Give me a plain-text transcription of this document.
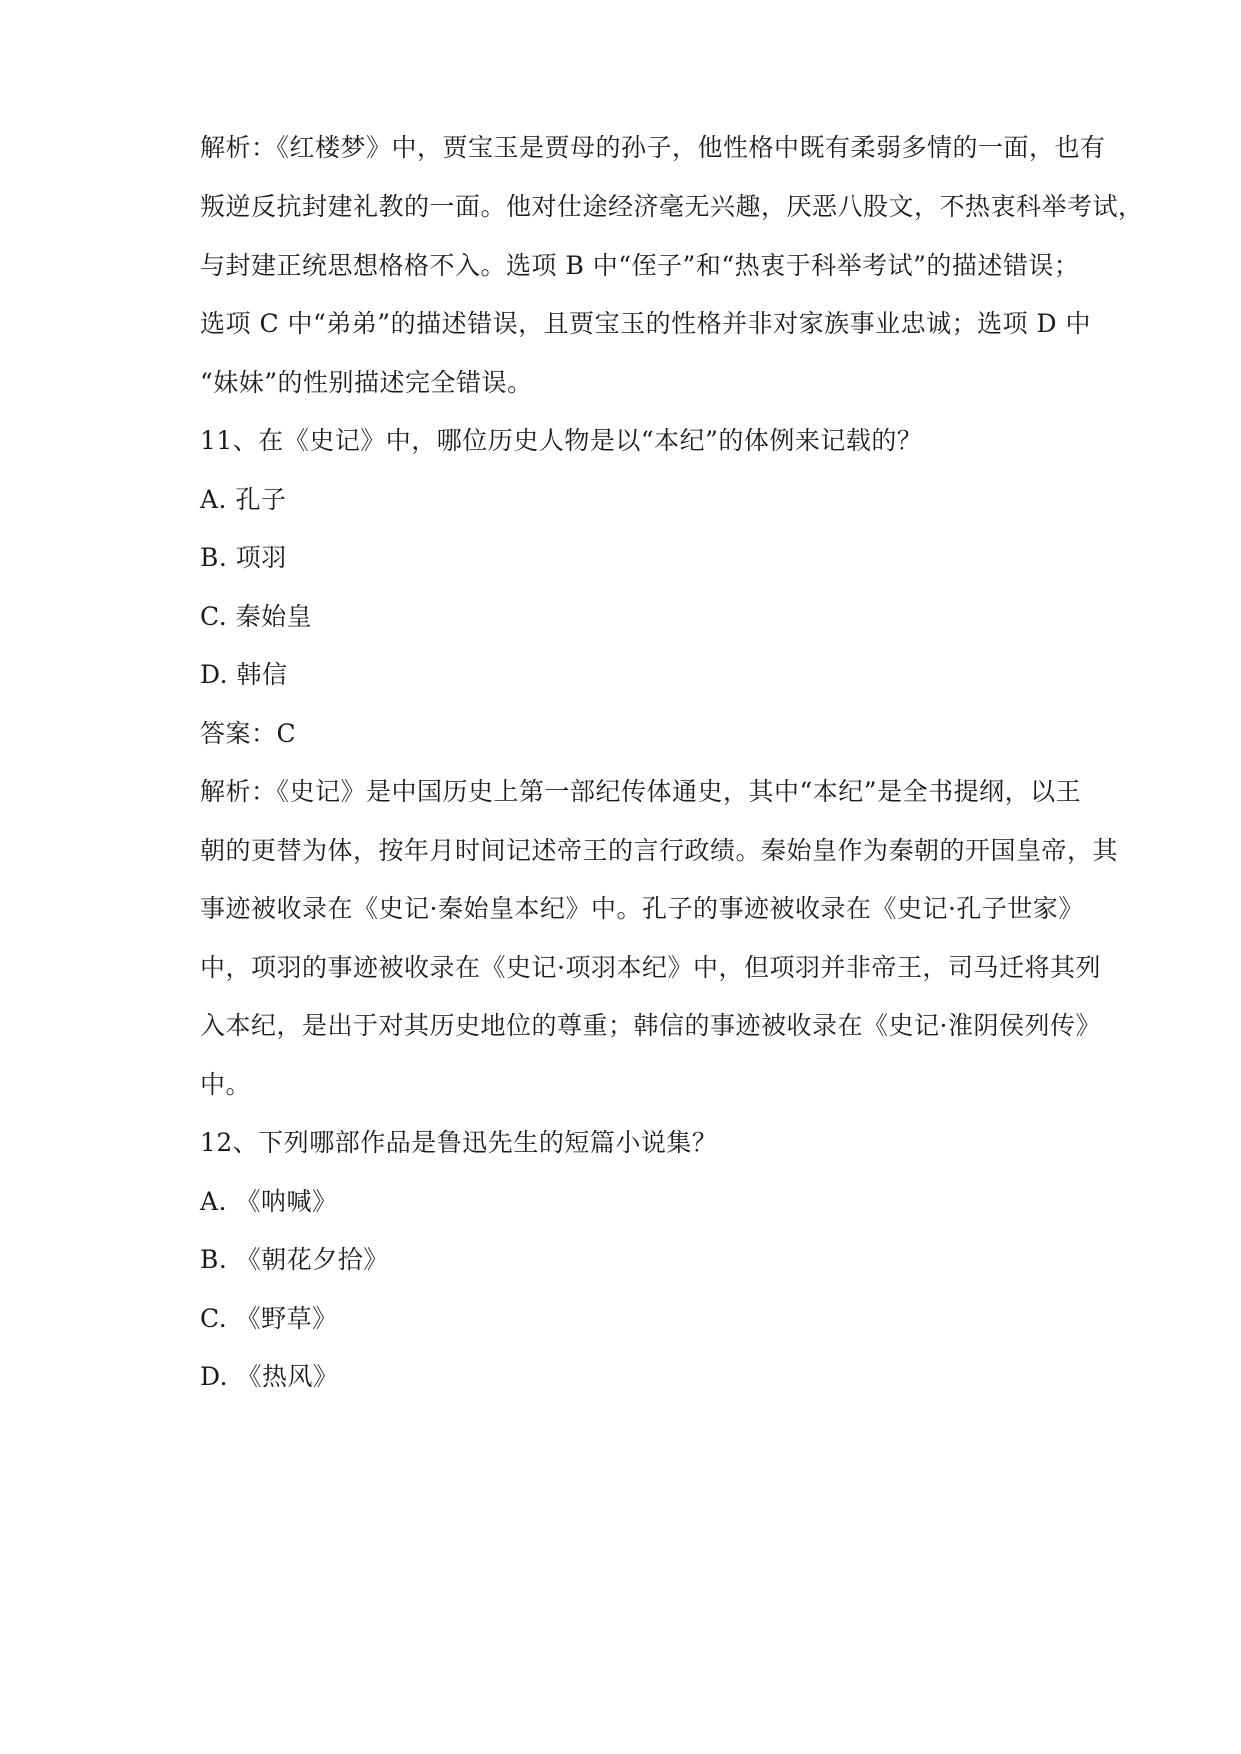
解析：《红楼梦》中，贾宝玉是贾母的孙子，他性格中既有柔弱多情的一面，也有
叛逆反抗封建礼教的一面。他对仕途经济毫无兴趣，厌恶八股文，不热衷科举考试，
与封建正统思想格格不入。选项 B 中“侄子”和“热衷于科举考试”的描述错误；
选项 C 中“弟弟”的描述错误，且贾宝玉的性格并非对家族事业忠诚；选项 D 中
“妹妹”的性别描述完全错误。
11、在《史记》中，哪位历史人物是以“本纪”的体例来记载的？
A. 孔子
B. 项羽
C. 秦始皇
D. 韩信
答案：C
解析：《史记》是中国历史上第一部纪传体通史，其中“本纪”是全书提纲，以王
朝的更替为体，按年月时间记述帝王的言行政绩。秦始皇作为秦朝的开国皇帝，其
事迹被收录在《史记·秦始皇本纪》中。孔子的事迹被收录在《史记·孔子世家》
中，项羽的事迹被收录在《史记·项羽本纪》中，但项羽并非帝王，司马迁将其列
入本纪，是出于对其历史地位的尊重；韩信的事迹被收录在《史记·淮阴侯列传》
中。
12、下列哪部作品是鲁迅先生的短篇小说集？
A. 《呐喊》
B. 《朝花夕拾》
C. 《野草》
D. 《热风》
